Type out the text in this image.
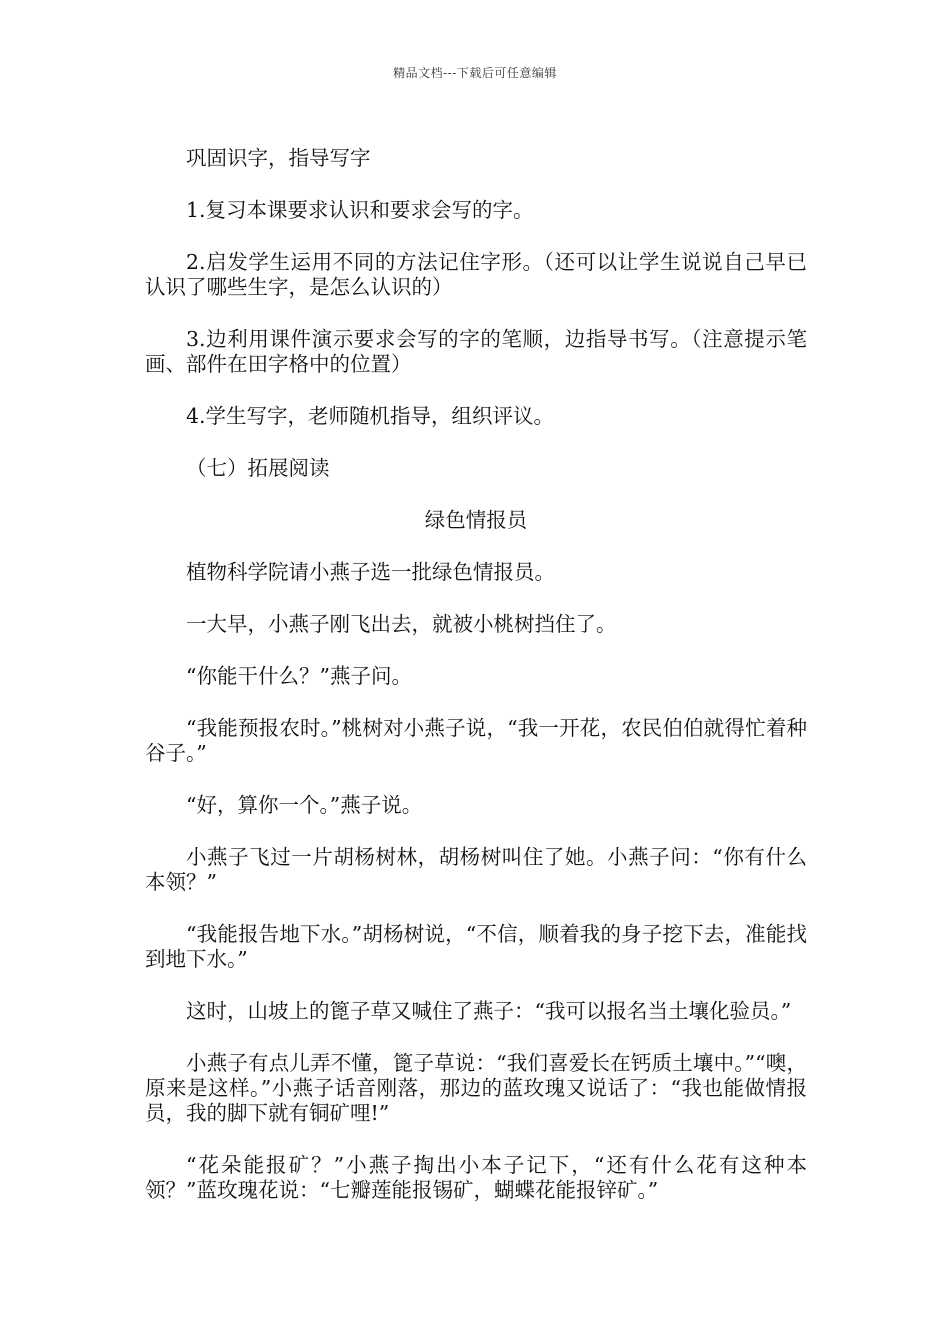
精品文档---下载后可任意编辑

巩固识字，指导写字

1.复习本课要求认识和要求会写的字。

2.启发学生运用不同的方法记住字形。（还可以让学生说说自己早已认识了哪些生字，是怎么认识的）

3.边利用课件演示要求会写的字的笔顺，边指导书写。（注意提示笔画、部件在田字格中的位置）

4.学生写字，老师随机指导，组织评议。

（七）拓展阅读

绿色情报员

植物科学院请小燕子选一批绿色情报员。

一大早，小燕子刚飞出去，就被小桃树挡住了。

“你能干什么？”燕子问。

“我能预报农时。”桃树对小燕子说，“我一开花，农民伯伯就得忙着种谷子。”

“好，算你一个。”燕子说。

小燕子飞过一片胡杨树林，胡杨树叫住了她。小燕子问：“你有什么本领？”

“我能报告地下水。”胡杨树说，“不信，顺着我的身子挖下去，准能找到地下水。”

这时，山坡上的篦子草又喊住了燕子：“我可以报名当土壤化验员。”

小燕子有点儿弄不懂，篦子草说：“我们喜爱长在钙质土壤中。”“噢，原来是这样。”小燕子话音刚落，那边的蓝玫瑰又说话了：“我也能做情报员，我的脚下就有铜矿哩!”

“花朵能报矿？”小燕子掏出小本子记下，“还有什么花有这种本领？”蓝玫瑰花说：“七瓣莲能报锡矿，蝴蝶花能报锌矿。”
